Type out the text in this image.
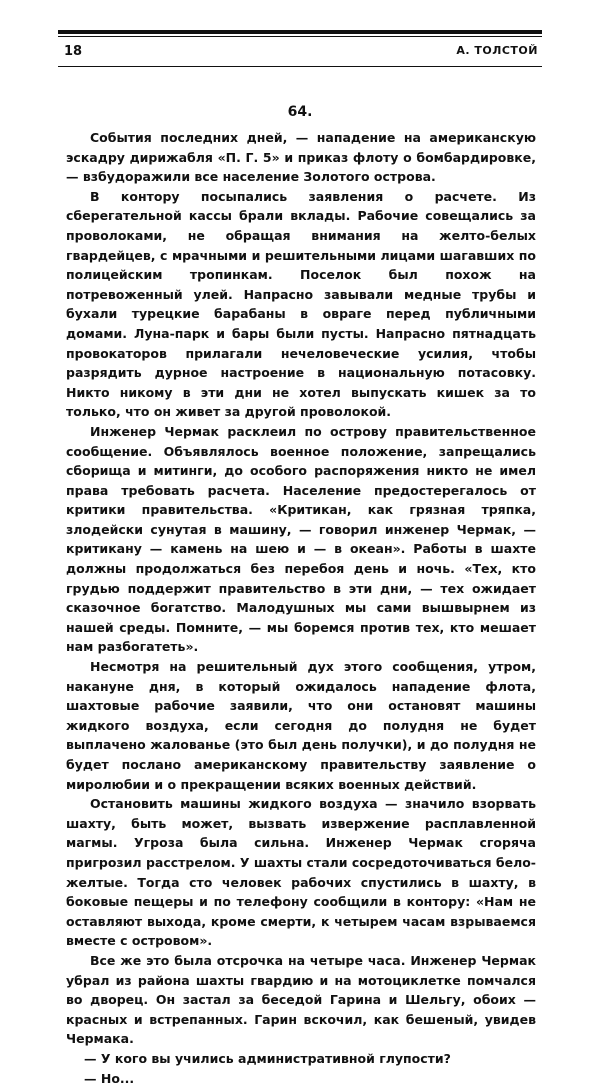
18	А. ТОЛСТОЙ
64.

События последних дней, — нападение на американскую эскадру дирижабля «П. Г. 5» и приказ флоту о бомбардировке, — взбудоражили все население Золотого острова.

В контору посыпались заявления о расчете. Из сберегательной кассы брали вклады. Рабочие совещались за проволоками, не обращая внимания на желто-белых гвардейцев, с мрачными и решительными лицами шагавших по полицейским тропинкам. Поселок был похож на потревоженный улей. Напрасно завывали медные трубы и бухали турецкие барабаны в овраге перед публичными домами. Луна-парк и бары были пусты. Напрасно пятнадцать провокаторов прилагали нечеловеческие усилия, чтобы разрядить дурное настроение в национальную потасовку. Никто никому в эти дни не хотел выпускать кишек за то только, что он живет за другой проволокой.

Инженер Чермак расклеил по острову правительственное сообщение. Объявлялось военное положение, запрещались сборища и митинги, до особого распоряжения никто не имел права требовать расчета. Население предостерегалось от критики правительства. «Критикан, как грязная тряпка, злодейски сунутая в машину, — говорил инженер Чермак, — критикану — камень на шею и — в океан». Работы в шахте должны продолжаться без перебоя день и ночь. «Тех, кто грудью поддержит правительство в эти дни, — тех ожидает сказочное богатство. Малодушных мы сами вышвырнем из нашей среды. Помните, — мы боремся против тех, кто мешает нам разбогатеть».

Несмотря на решительный дух этого сообщения, утром, накануне дня, в который ожидалось нападение флота, шахтовые рабочие заявили, что они остановят машины жидкого воздуха, если сегодня до полудня не будет выплачено жалованье (это был день получки), и до полудня не будет послано американскому правительству заявление о миролюбии и о прекращении всяких военных действий.

Остановить машины жидкого воздуха — значило взорвать шахту, быть может, вызвать извержение расплавленной магмы. Угроза была сильна. Инженер Чермак сгоряча пригрозил расстрелом. У шахты стали сосредоточиваться бело-желтые. Тогда сто человек рабочих спустились в шахту, в боковые пещеры и по телефону сообщили в контору: «Нам не оставляют выхода, кроме смерти, к четырем часам взрываемся вместе с островом».

Все же это была отсрочка на четыре часа. Инженер Чермак убрал из района шахты гвардию и на мотоциклетке помчался во дворец. Он застал за беседой Гарина и Шельгу, обоих — красных и встрепанных. Гарин вскочил, как бешеный, увидев Чермака.

— У кого вы учились административной глупости?

— Но...
